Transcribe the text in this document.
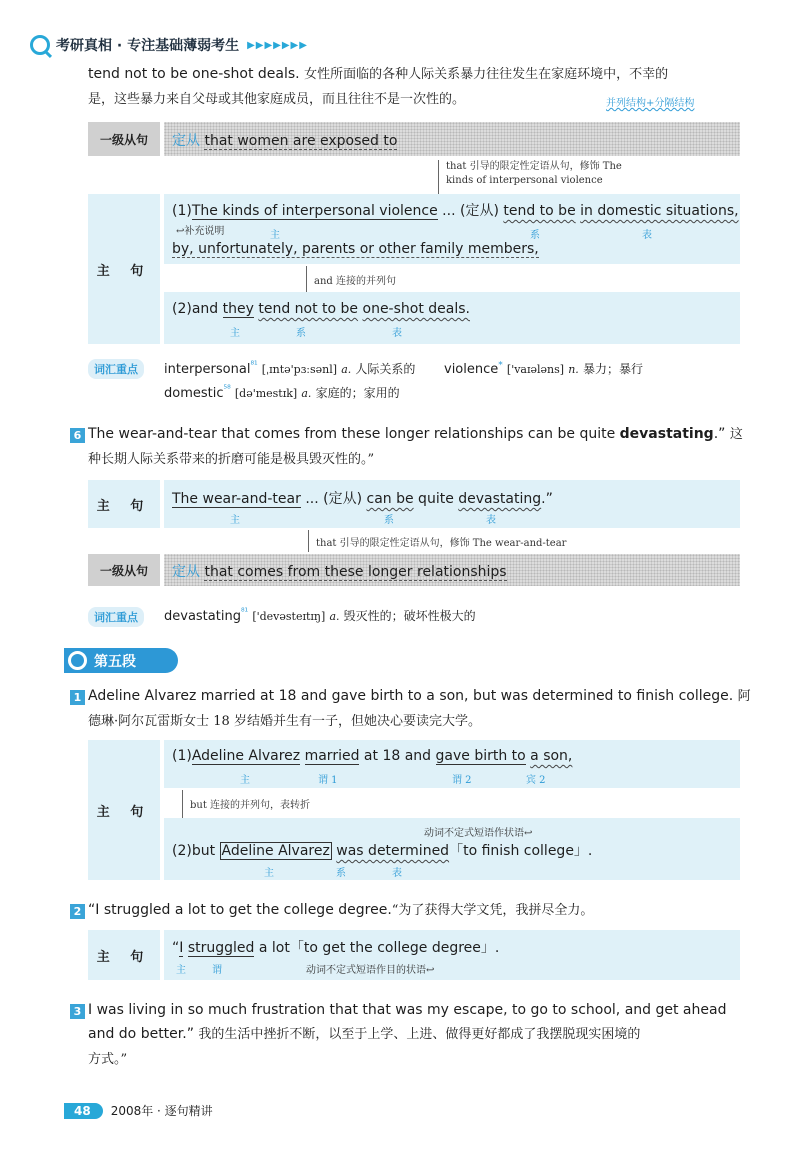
考研真相 · 专注基础薄弱考生 ▶▶▶▶▶▶▶
tend not to be one-shot deals. 女性所面临的各种人际关系暴力往往发生在家庭环境中，不幸的
是，这些暴力来自父母或其他家庭成员，而且往往不是一次性的。	并列结构+分隔结构
一级从句	定从 that women are exposed to
that 引导的限定性定语从句，修饰 The
kinds of interpersonal violence
主 句
(1)The kinds of interpersonal violence ... (定从) tend to be in domestic situations,
↩补充说明	主	系	表
by, unfortunately, parents or other family members,
and 连接的并列句
(2)and they tend not to be one-shot deals.
主	系	表
词汇重点	interpersonal$^{^{81}}$ [ˌɪntə'pɜːsənl] a. 人际关系的 violence* ['vaɪələns] n. 暴力；暴行
domestic$^{^{58}}$ [də'mestɪk] a. 家庭的；家用的
6 The wear-and-tear that comes from these longer relationships can be quite devastating.” 这
种长期人际关系带来的折磨可能是极具毁灭性的。”
主 句	The wear-and-tear ... (定从) can be quite devastating.”
主	系	表
that 引导的限定性定语从句，修饰 The wear-and-tear
一级从句	定从 that comes from these longer relationships
词汇重点	devastating$^{^{81}}$ ['devəsteɪtɪŋ] a. 毁灭性的；破坏性极大的
第五段
1 Adeline Alvarez married at 18 and gave birth to a son, but was determined to finish college. 阿
德琳·阿尔瓦雷斯女士 18 岁结婚并生有一子，但她决心要读完大学。
主 句
(1)Adeline Alvarez married at 18 and gave birth to a son,
主	谓 1	谓 2	宾 2
but 连接的并列句，表转折
动词不定式短语作状语↩
(2)but Adeline Alvarez was determined「to finish college」.
主	系	表
2 “I struggled a lot to get the college degree.“为了获得大学文凭，我拼尽全力。
主 句
“I struggled a lot「to get the college degree」.
主	谓	动词不定式短语作目的状语↩
3 I was living in so much frustration that that was my escape, to go to school, and get ahead
and do better.” 我的生活中挫折不断，以至于上学、上进、做得更好都成了我摆脱现实困境的
方式。”
48	2008年 · 逐句精讲
